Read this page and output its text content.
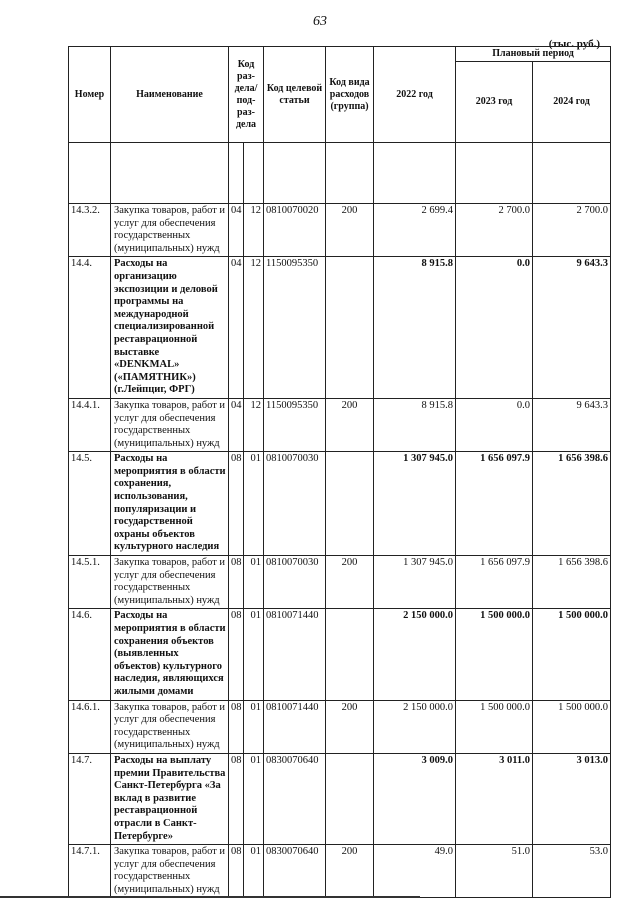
63
(тыс. руб.)
Номер	Наименование	Код раз-дела/ под-раз-дела		Код целевой статьи	Код вида расходов (группа)	2022 год	Плановый период	
							2023 год	2024 год

14.3.2.	Закупка товаров, работ и услуг для обеспечения государственных (муниципальных) нужд	04	12	0810070020	200	2 699.4	2 700.0	2 700.0
14.4.	Расходы на организацию экспозиции и деловой программы на международной специализированной реставрационной выставке «DENKMAL» («ПАМЯТНИК») (г.Лейпциг, ФРГ)	04	12	1150095350		8 915.8	0.0	9 643.3
14.4.1.	Закупка товаров, работ и услуг для обеспечения государственных (муниципальных) нужд	04	12	1150095350	200	8 915.8	0.0	9 643.3
14.5.	Расходы на мероприятия в области сохранения, использования, популяризации и государственной охраны объектов культурного наследия	08	01	0810070030		1 307 945.0	1 656 097.9	1 656 398.6
14.5.1.	Закупка товаров, работ и услуг для обеспечения государственных (муниципальных) нужд	08	01	0810070030	200	1 307 945.0	1 656 097.9	1 656 398.6
14.6.	Расходы на мероприятия в области сохранения объектов (выявленных объектов) культурного наследия, являющихся жилыми домами	08	01	0810071440		2 150 000.0	1 500 000.0	1 500 000.0
14.6.1.	Закупка товаров, работ и услуг для обеспечения государственных (муниципальных) нужд	08	01	0810071440	200	2 150 000.0	1 500 000.0	1 500 000.0
14.7.	Расходы на выплату премии Правительства Санкт-Петербурга «За вклад в развитие реставрационной отрасли в Санкт-Петербурге»	08	01	0830070640		3 009.0	3 011.0	3 013.0
14.7.1.	Закупка товаров, работ и услуг для обеспечения государственных (муниципальных) нужд	08	01	0830070640	200	49.0	51.0	53.0
